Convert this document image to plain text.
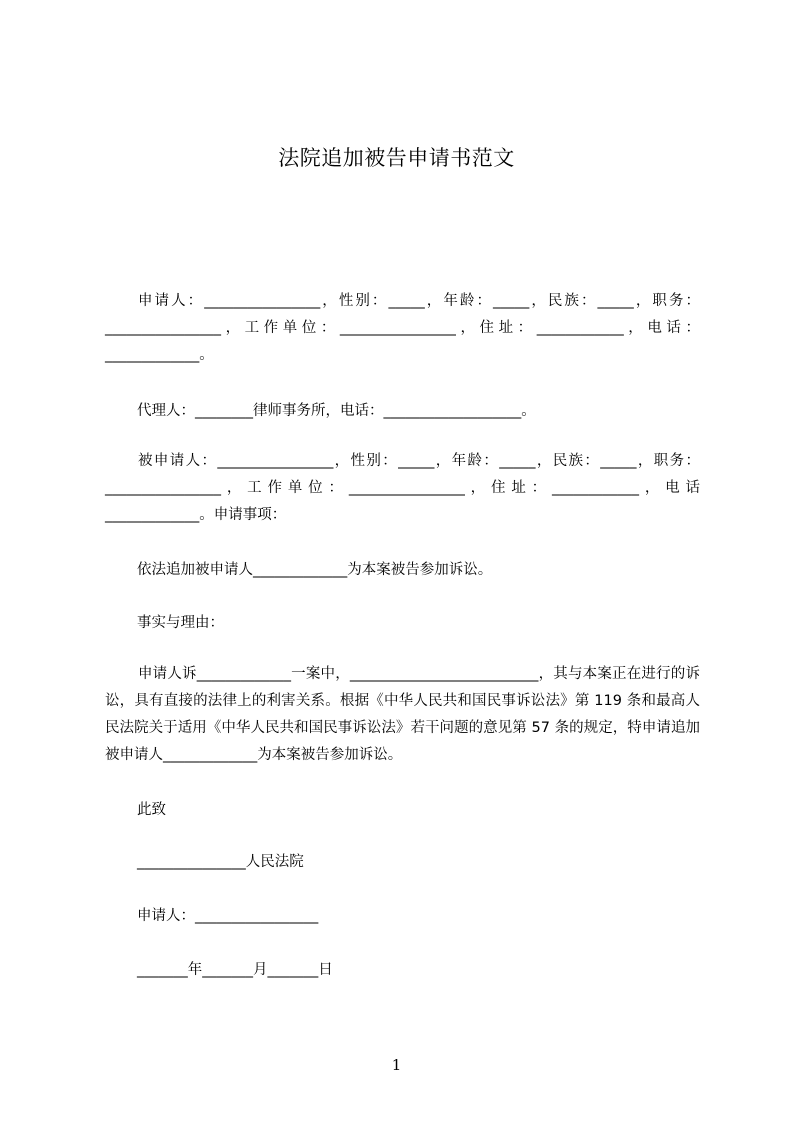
法院追加被告申请书范文
申请人：________________，性别：_____，年龄：_____，民族：_____，职务：________________，工作单位：________________，住址：____________，电话：_____________。
代理人：________律师事务所，电话：___________________。
被申请人：________________，性别：_____，年龄：_____，民族：_____，职务：________________，工作单位：________________，住址：____________，电话_____________。申请事项：
依法追加被申请人_____________为本案被告参加诉讼。
事实与理由：
申请人诉_____________一案中，__________________________，其与本案正在进行的诉讼，具有直接的法律上的利害关系。根据《中华人民共和国民事诉讼法》第 119 条和最高人民法院关于适用《中华人民共和国民事诉讼法》若干问题的意见第 57 条的规定，特申请追加被申请人_____________为本案被告参加诉讼。
此致
_______________人民法院
申请人：_________________
_______年_______月_______日
1
